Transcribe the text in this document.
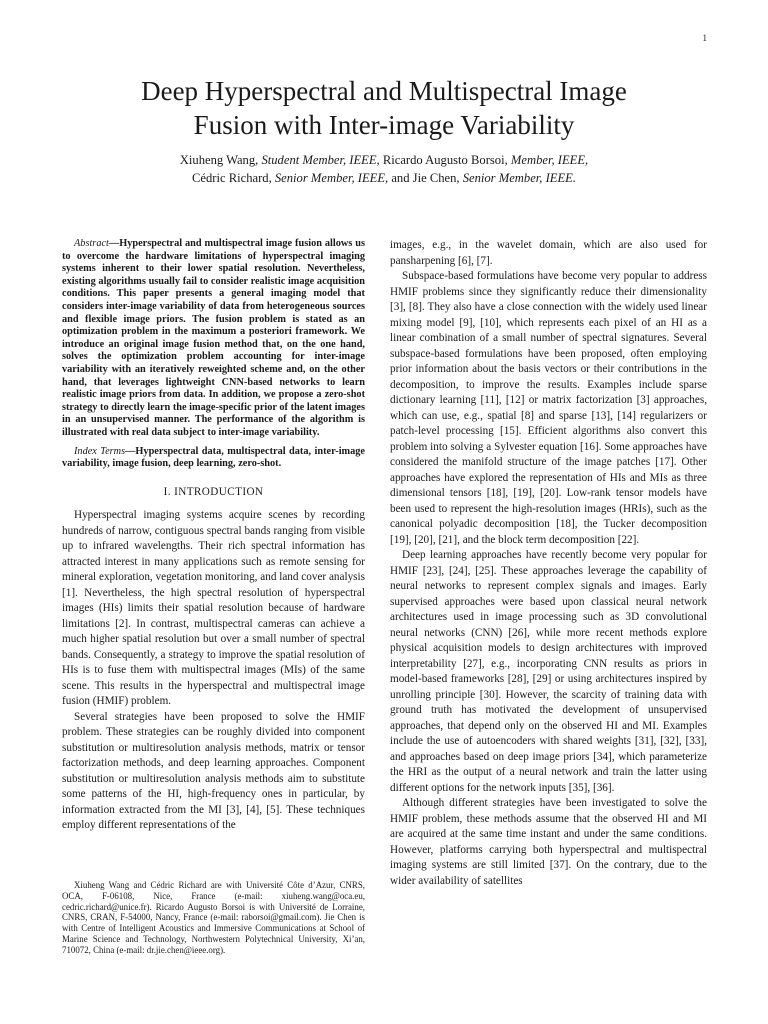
1
Deep Hyperspectral and Multispectral Image
Fusion with Inter-image Variability
Xiuheng Wang, Student Member, IEEE, Ricardo Augusto Borsoi, Member, IEEE,
Cédric Richard, Senior Member, IEEE, and Jie Chen, Senior Member, IEEE.
Abstract—Hyperspectral and multispectral image fusion allows us to overcome the hardware limitations of hyperspectral imaging systems inherent to their lower spatial resolution. Nevertheless, existing algorithms usually fail to consider realistic image acquisition conditions. This paper presents a general imaging model that considers inter-image variability of data from heterogeneous sources and flexible image priors. The fusion problem is stated as an optimization problem in the maximum a posteriori framework. We introduce an original image fusion method that, on the one hand, solves the optimization problem accounting for inter-image variability with an iteratively reweighted scheme and, on the other hand, that leverages lightweight CNN-based networks to learn realistic image priors from data. In addition, we propose a zero-shot strategy to directly learn the image-specific prior of the latent images in an unsupervised manner. The performance of the algorithm is illustrated with real data subject to inter-image variability.
Index Terms—Hyperspectral data, multispectral data, inter-image variability, image fusion, deep learning, zero-shot.
I. INTRODUCTION

Hyperspectral imaging systems acquire scenes by recording hundreds of narrow, contiguous spectral bands ranging from visible up to infrared wavelengths. Their rich spectral information has attracted interest in many applications such as remote sensing for mineral exploration, vegetation monitoring, and land cover analysis [1]. Nevertheless, the high spectral resolution of hyperspectral images (HIs) limits their spatial resolution because of hardware limitations [2]. In contrast, multispectral cameras can achieve a much higher spatial resolution but over a small number of spectral bands. Consequently, a strategy to improve the spatial resolution of HIs is to fuse them with multispectral images (MIs) of the same scene. This results in the hyperspectral and multispectral image fusion (HMIF) problem.

Several strategies have been proposed to solve the HMIF problem. These strategies can be roughly divided into component substitution or multiresolution analysis methods, matrix or tensor factorization methods, and deep learning approaches. Component substitution or multiresolution analysis methods aim to substitute some patterns of the HI, high-frequency ones in particular, by information extracted from the MI [3], [4], [5]. These techniques employ different representations of the

images, e.g., in the wavelet domain, which are also used for pansharpening [6], [7].

Subspace-based formulations have become very popular to address HMIF problems since they significantly reduce their dimensionality [3], [8]. They also have a close connection with the widely used linear mixing model [9], [10], which represents each pixel of an HI as a linear combination of a small number of spectral signatures. Several subspace-based formulations have been proposed, often employing prior information about the basis vectors or their contributions in the decomposition, to improve the results. Examples include sparse dictionary learning [11], [12] or matrix factorization [3] approaches, which can use, e.g., spatial [8] and sparse [13], [14] regularizers or patch-level processing [15]. Efficient algorithms also convert this problem into solving a Sylvester equation [16]. Some approaches have considered the manifold structure of the image patches [17]. Other approaches have explored the representation of HIs and MIs as three dimensional tensors [18], [19], [20]. Low-rank tensor models have been used to represent the high-resolution images (HRIs), such as the canonical polyadic decomposition [18], the Tucker decomposition [19], [20], [21], and the block term decomposition [22].

Deep learning approaches have recently become very popular for HMIF [23], [24], [25]. These approaches leverage the capability of neural networks to represent complex signals and images. Early supervised approaches were based upon classical neural network architectures used in image processing such as 3D convolutional neural networks (CNN) [26], while more recent methods explore physical acquisition models to design architectures with improved interpretability [27], e.g., incorporating CNN results as priors in model-based frameworks [28], [29] or using architectures inspired by unrolling principle [30]. However, the scarcity of training data with ground truth has motivated the development of unsupervised approaches, that depend only on the observed HI and MI. Examples include the use of autoencoders with shared weights [31], [32], [33], and approaches based on deep image priors [34], which parameterize the HRI as the output of a neural network and train the latter using different options for the network inputs [35], [36].

Although different strategies have been investigated to solve the HMIF problem, these methods assume that the observed HI and MI are acquired at the same time instant and under the same conditions. However, platforms carrying both hyperspectral and multispectral imaging systems are still limited [37]. On the contrary, due to the wider availability of satellites

Xiuheng Wang and Cédric Richard are with Université Côte d’Azur, CNRS, OCA, F-06108, Nice, France (e-mail: xiuheng.wang@oca.eu, cedric.richard@unice.fr). Ricardo Augusto Borsoi is with Université de Lorraine, CNRS, CRAN, F-54000, Nancy, France (e-mail: raborsoi@gmail.com). Jie Chen is with Centre of Intelligent Acoustics and Immersive Communications at School of Marine Science and Technology, Northwestern Polytechnical University, Xi’an, 710072, China (e-mail: dr.jie.chen@ieee.org).
